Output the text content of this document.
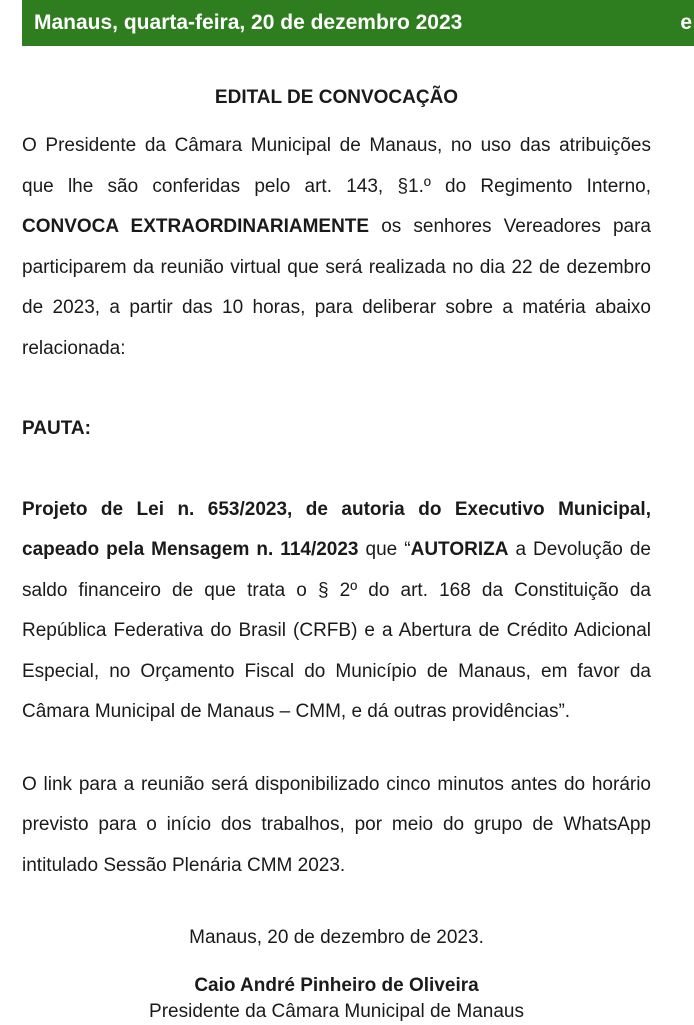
Manaus, quarta-feira, 20 de dezembro 2023	e

EDITAL DE CONVOCAÇÃO

O Presidente da Câmara Municipal de Manaus, no uso das atribuições que lhe são conferidas pelo art. 143, §1.º do Regimento Interno, CONVOCA EXTRAORDINARIAMENTE os senhores Vereadores para participarem da reunião virtual que será realizada no dia 22 de dezembro de 2023, a partir das 10 horas, para deliberar sobre a matéria abaixo relacionada:

PAUTA:

Projeto de Lei n. 653/2023, de autoria do Executivo Municipal, capeado pela Mensagem n. 114/2023 que “AUTORIZA a Devolução de saldo financeiro de que trata o § 2º do art. 168 da Constituição da República Federativa do Brasil (CRFB) e a Abertura de Crédito Adicional Especial, no Orçamento Fiscal do Município de Manaus, em favor da Câmara Municipal de Manaus – CMM, e dá outras providências”.

O link para a reunião será disponibilizado cinco minutos antes do horário previsto para o início dos trabalhos, por meio do grupo de WhatsApp intitulado Sessão Plenária CMM 2023.

Manaus, 20 de dezembro de 2023.

Caio André Pinheiro de Oliveira

Presidente da Câmara Municipal de Manaus
